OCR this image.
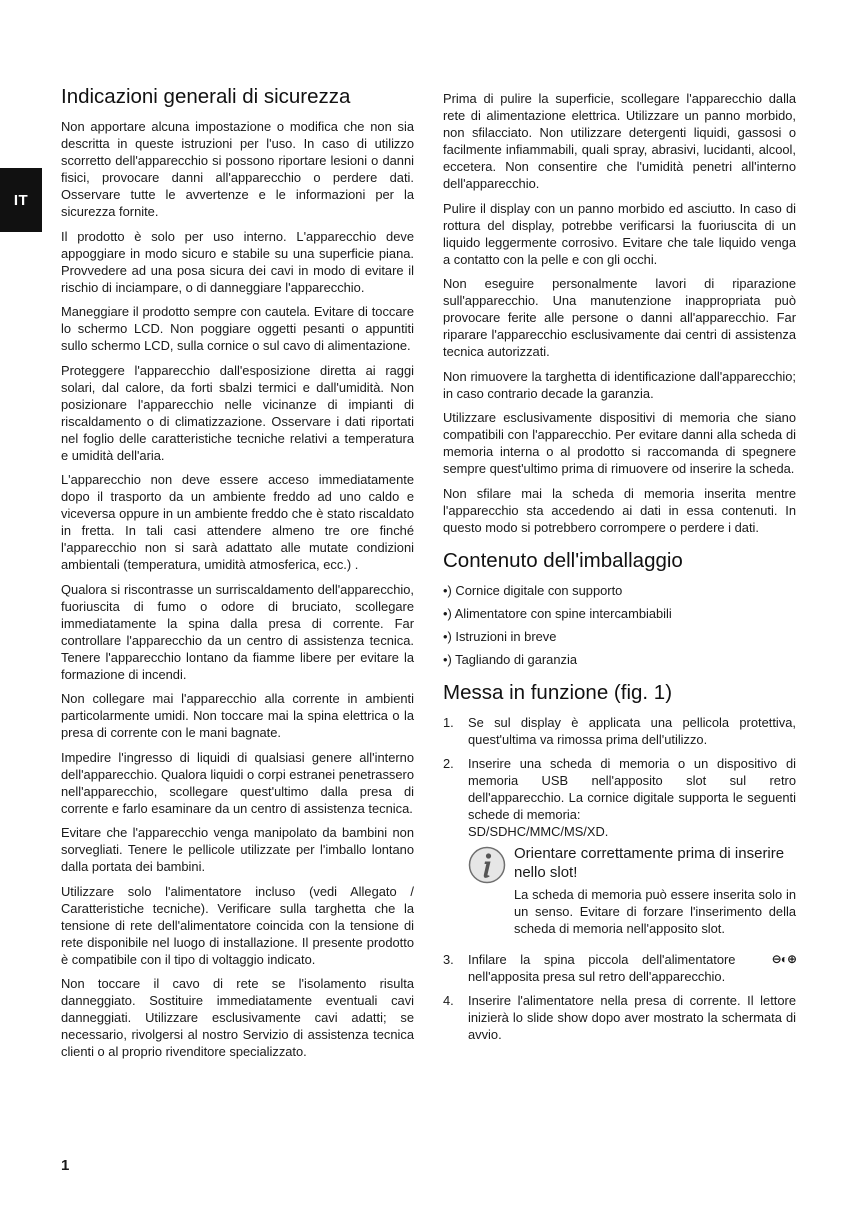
IT
Indicazioni generali di sicurezza

Non apportare alcuna impostazione o modifica che non sia descritta in queste istruzioni per l'uso. In caso di utilizzo scorretto dell'apparecchio si possono riportare lesioni o danni fisici, provocare danni all'apparecchio o perdere dati. Osservare tutte le avvertenze e le informazioni per la sicurezza fornite.

Il prodotto è solo per uso interno. L'apparecchio deve appoggiare in modo sicuro e stabile su una superficie piana. Provvedere ad una posa sicura dei cavi in modo di evitare il rischio di inciampare, o di danneggiare l'apparecchio.

Maneggiare il prodotto sempre con cautela. Evitare di toccare lo schermo LCD. Non poggiare oggetti pesanti o appuntiti sullo schermo LCD, sulla cornice o sul cavo di alimentazione.

Proteggere l'apparecchio dall'esposizione diretta ai raggi solari, dal calore, da forti sbalzi termici e dall'umidità. Non posizionare l'apparecchio nelle vicinanze di impianti di riscaldamento o di climatizzazione. Osservare i dati riportati nel foglio delle caratteristiche tecniche relativi a temperatura e umidità dell'aria.

L'apparecchio non deve essere acceso immediatamente dopo il trasporto da un ambiente freddo ad uno caldo e viceversa oppure in un ambiente freddo che è stato riscaldato in fretta. In tali casi attendere almeno tre ore finché l'apparecchio non si sarà adattato alle mutate condizioni ambientali (temperatura, umidità atmosferica, ecc.) .

Qualora si riscontrasse un surriscaldamento dell'apparecchio, fuoriuscita di fumo o odore di bruciato, scollegare immediatamente la spina dalla presa di corrente. Far controllare l'apparecchio da un centro di assistenza tecnica. Tenere l'apparecchio lontano da fiamme libere per evitare la formazione di incendi.

Non collegare mai l'apparecchio alla corrente in ambienti particolarmente umidi. Non toccare mai la spina elettrica o la presa di corrente con le mani bagnate.

Impedire l'ingresso di liquidi di qualsiasi genere all'interno dell'apparecchio. Qualora liquidi o corpi estranei penetrassero nell'apparecchio, scollegare quest'ultimo dalla presa di corrente e farlo esaminare da un centro di assistenza tecnica.

Evitare che l'apparecchio venga manipolato da bambini non sorvegliati. Tenere le pellicole utilizzate per l'imballo lontano dalla portata dei bambini.

Utilizzare solo l'alimentatore incluso (vedi Allegato / Caratteristiche tecniche). Verificare sulla targhetta che la tensione di rete dell'alimentatore coincida con la tensione di rete disponibile nel luogo di installazione. Il presente prodotto è compatibile con il tipo di voltaggio indicato.

Non toccare il cavo di rete se l'isolamento risulta danneggiato. Sostituire immediatamente eventuali cavi danneggiati. Utilizzare esclusivamente cavi adatti; se necessario, rivolgersi al nostro Servizio di assistenza tecnica clienti o al proprio rivenditore specializzato.

Prima di pulire la superficie, scollegare l'apparecchio dalla rete di alimentazione elettrica. Utilizzare un panno morbido, non sfilacciato. Non utilizzare detergenti liquidi, gassosi o facilmente infiammabili, quali spray, abrasivi, lucidanti, alcool, eccetera. Non consentire che l'umidità penetri all'interno dell'apparecchio.

Pulire il display con un panno morbido ed asciutto. In caso di rottura del display, potrebbe verificarsi la fuoriuscita di un liquido leggermente corrosivo. Evitare che tale liquido venga a contatto con la pelle e con gli occhi.

Non eseguire personalmente lavori di riparazione sull'apparecchio. Una manutenzione inappropriata può provocare ferite alle persone o danni all'apparecchio. Far riparare l'apparecchio esclusivamente dai centri di assistenza tecnica autorizzati.

Non rimuovere la targhetta di identificazione dall'apparecchio; in caso contrario decade la garanzia.

Utilizzare esclusivamente dispositivi di memoria che siano compatibili con l'apparecchio. Per evitare danni alla scheda di memoria interna o al prodotto si raccomanda di spegnere sempre quest'ultimo prima di rimuovere od inserire la scheda.

Non sfilare mai la scheda di memoria inserita mentre l'apparecchio sta accedendo ai dati in essa contenuti. In questo modo si potrebbero corrompere o perdere i dati.

Contenuto dell'imballaggio
•) Cornice digitale con supporto
•) Alimentatore con spine intercambiabili
•) Istruzioni in breve
•) Tagliando di garanzia
Messa in funzione (fig. 1)
1.	Se sul display è applicata una pellicola protettiva, quest'ultima va rimossa prima dell'utilizzo.
2.	Inserire una scheda di memoria o un dispositivo di memoria USB nell'apposito slot sul retro dell'apparecchio. La cornice digitale supporta le seguenti schede di memoria:
SD/SDHC/MMC/MS/XD.
Orientare correttamente prima di inserire nello slot!

La scheda di memoria può essere inserita solo in un senso. Evitare di forzare l'inserimento della scheda di memoria nell'apposito slot.

3.	Infilare la spina piccola dell'alimentatore	⊖◐⊕
nell'apposita presa sul retro dell'apparecchio.
4.	Inserire l'alimentatore nella presa di corrente. Il lettore inizierà lo slide show dopo aver mostrato la schermata di avvio.
1
